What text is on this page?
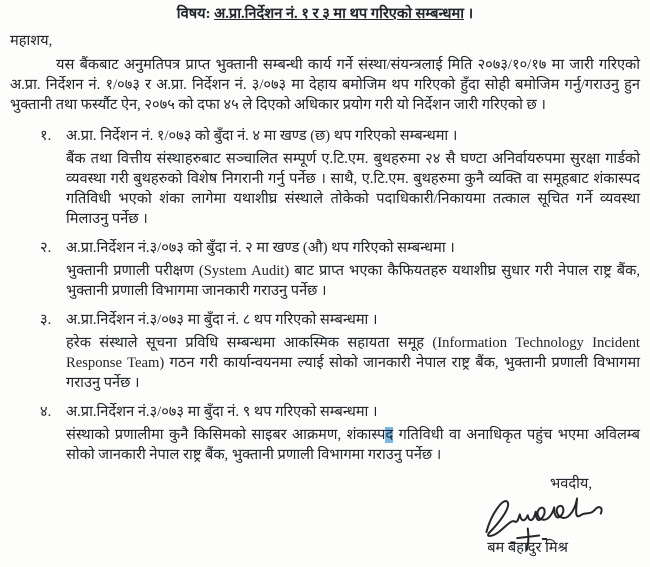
विषय: अ.प्रा.निर्देशन नं. १ र ३ मा थप गरिएको सम्बन्धमा ।
महाशय,
यस बैंकबाट अनुमतिपत्र प्राप्त भुक्तानी सम्बन्धी कार्य गर्ने संस्था/संयन्त्रलाई मिति २०७३/१०/१७ मा जारी गरिएको अ.प्रा. निर्देशन नं. १/०७३ र अ.प्रा. निर्देशन नं. ३/०७३ मा देहाय बमोजिम थप गरिएको हुँदा सोही बमोजिम गर्नु/गराउनु हुन भुक्तानी तथा फर्स्यौट ऐन, २०७५ को दफा ४५ ले दिएको अधिकार प्रयोग गरी यो निर्देशन जारी गरिएको छ ।
१.	अ.प्रा. निर्देशन नं. १/०७३ को बुँदा नं. ४ मा खण्ड (छ) थप गरिएको सम्बन्धमा ।
बैंक तथा वित्तीय संस्थाहरुबाट सञ्चालित सम्पूर्ण ए.टि.एम. बुथहरुमा २४ सै घण्टा अनिर्वायरुपमा सुरक्षा गार्डको व्यवस्था गरी बुथहरुको विशेष निगरानी गर्नु पर्नेछ । साथै, ए.टि.एम. बुथहरुमा कुनै व्यक्ति वा समूहबाट शंकास्पद गतिविधी भएको शंका लागेमा यथाशीघ्र संस्थाले तोकेको पदाधिकारी/निकायमा तत्काल सूचित गर्ने व्यवस्था मिलाउनु पर्नेछ ।
२.	अ.प्रा.निर्देशन नं.३/०७३ को बुँदा नं. २ मा खण्ड (औ) थप गरिएको सम्बन्धमा ।
भुक्तानी प्रणाली परीक्षण (System Audit) बाट प्राप्त भएका कैफियतहरु यथाशीघ्र सुधार गरी नेपाल राष्ट्र बैंक, भुक्तानी प्रणाली विभागमा जानकारी गराउनु पर्नेछ ।
३.	अ.प्रा.निर्देशन नं.३/०७३ मा बुँदा नं. ८ थप गरिएको सम्बन्धमा ।
हरेक संस्थाले सूचना प्रविधि सम्बन्धमा आकस्मिक सहायता समूह (Information Technology Incident Response Team) गठन गरी कार्यान्वयनमा ल्याई सोको जानकारी नेपाल राष्ट्र बैंक, भुक्तानी प्रणाली विभागमा गराउनु पर्नेछ ।
४.	अ.प्रा.निर्देशन नं.३/०७३ मा बुँदा नं. ९ थप गरिएको सम्बन्धमा ।
संस्थाको प्रणालीमा कुनै किसिमको साइबर आक्रमण, शंकास्पद गतिविधी वा अनाधिकृत पहुंच भएमा अविलम्ब सोको जानकारी नेपाल राष्ट्र बैंक, भुक्तानी प्रणाली विभागमा गराउनु पर्नेछ ।
भवदीय,
बम बहादुर मिश्र
